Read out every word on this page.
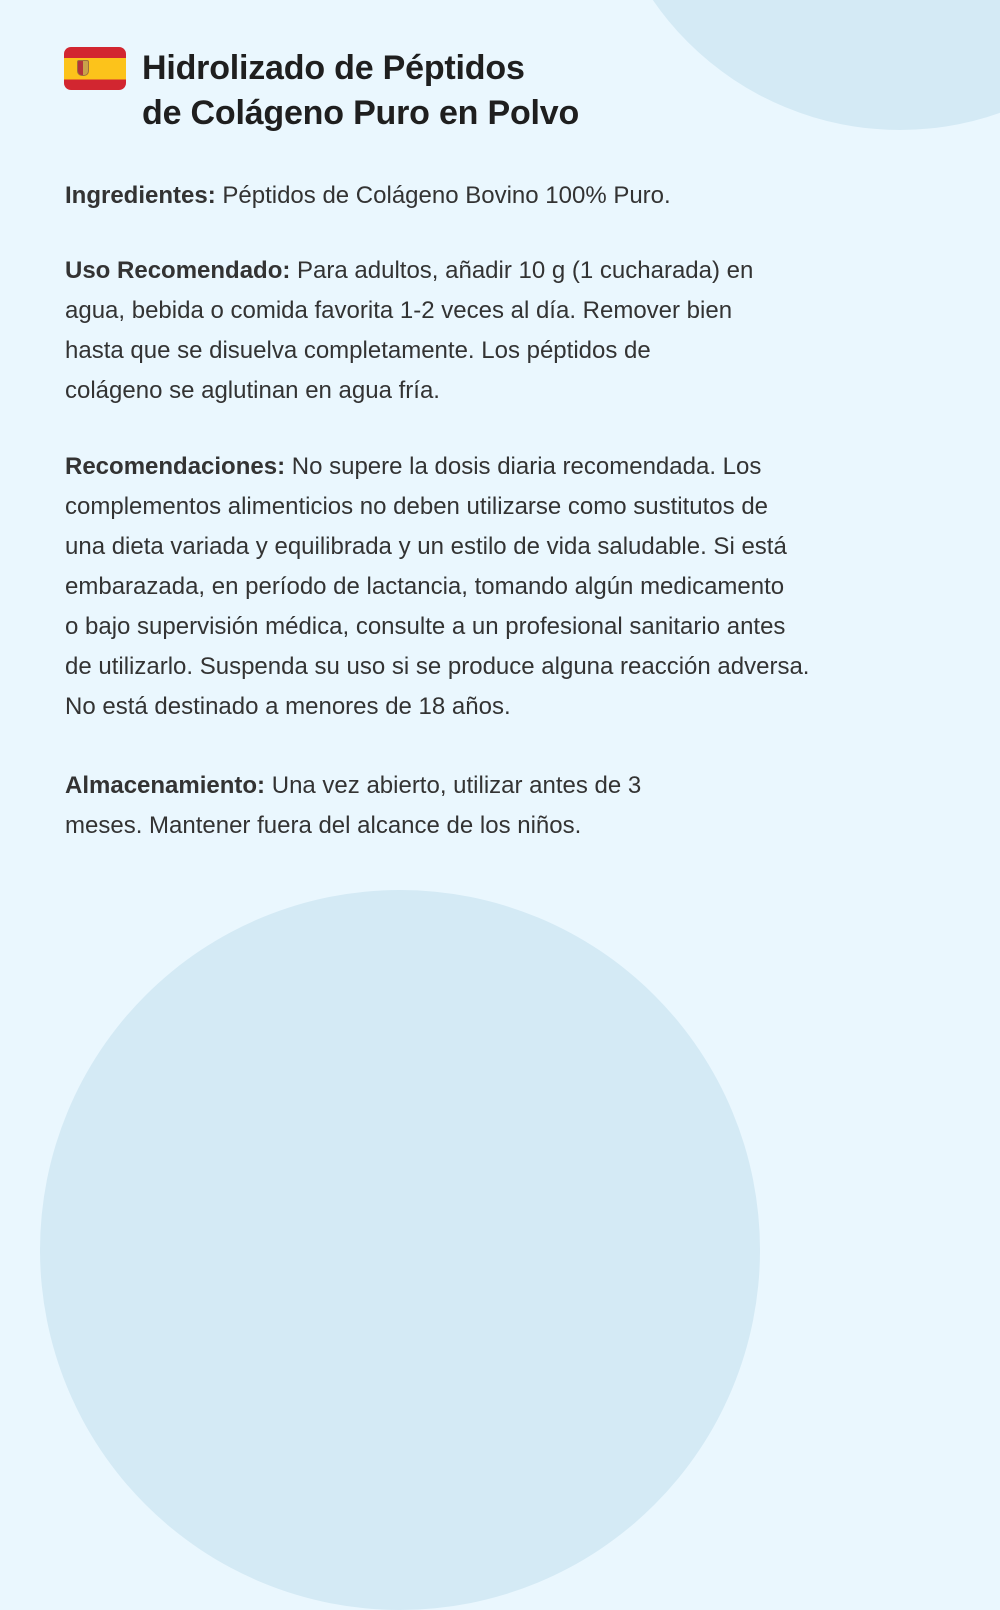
Hidrolizado de Péptidos
de Colágeno Puro en Polvo

Ingredientes: Péptidos de Colágeno Bovino 100% Puro.

Uso Recomendado: Para adultos, añadir 10 g (1 cucharada) en
agua, bebida o comida favorita 1-2 veces al día. Remover bien
hasta que se disuelva completamente. Los péptidos de
colágeno se aglutinan en agua fría.

Recomendaciones: No supere la dosis diaria recomendada. Los
complementos alimenticios no deben utilizarse como sustitutos de
una dieta variada y equilibrada y un estilo de vida saludable. Si está
embarazada, en período de lactancia, tomando algún medicamento
o bajo supervisión médica, consulte a un profesional sanitario antes
de utilizarlo. Suspenda su uso si se produce alguna reacción adversa.
No está destinado a menores de 18 años.

Almacenamiento: Una vez abierto, utilizar antes de 3
meses. Mantener fuera del alcance de los niños.
